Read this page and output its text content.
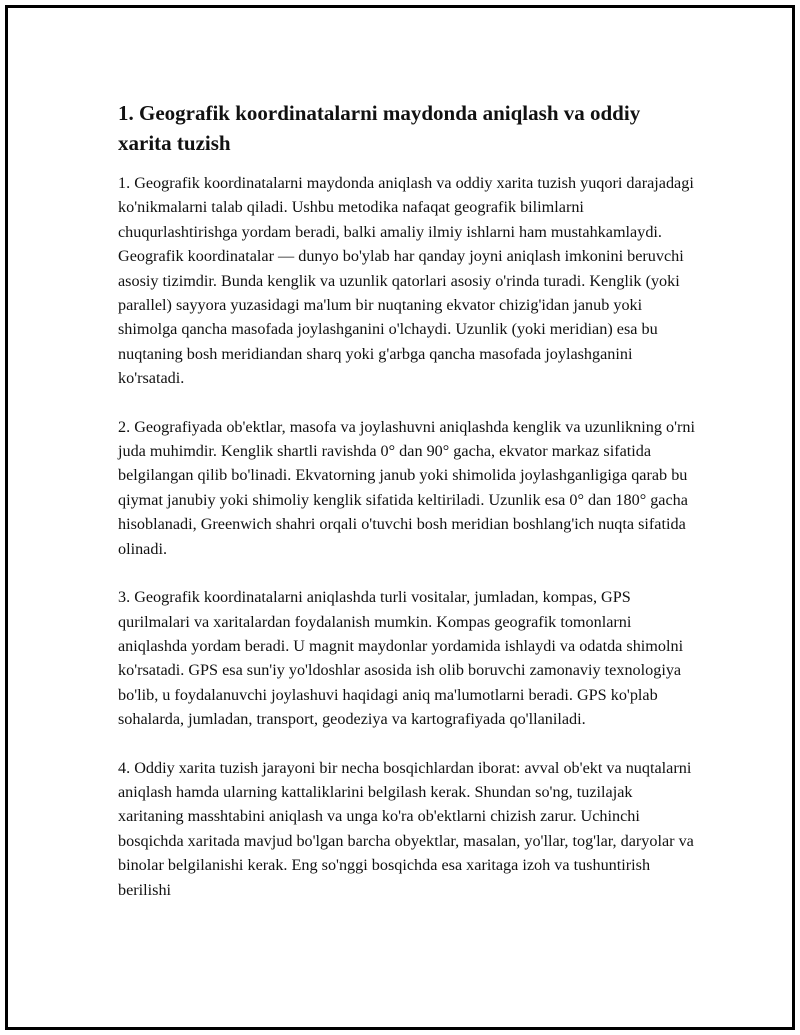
1. Geografik koordinatalarni maydonda aniqlash va oddiy xarita tuzish

1. Geografik koordinatalarni maydonda aniqlash va oddiy xarita tuzish yuqori darajadagi ko'nikmalarni talab qiladi. Ushbu metodika nafaqat geografik bilimlarni chuqurlashtirishga yordam beradi, balki amaliy ilmiy ishlarni ham mustahkamlaydi. Geografik koordinatalar — dunyo bo'ylab har qanday joyni aniqlash imkonini beruvchi asosiy tizimdir. Bunda kenglik va uzunlik qatorlari asosiy o'rinda turadi. Kenglik (yoki parallel) sayyora yuzasidagi ma'lum bir nuqtaning ekvator chizig'idan janub yoki shimolga qancha masofada joylashganini o'lchaydi. Uzunlik (yoki meridian) esa bu nuqtaning bosh meridiandan sharq yoki g'arbga qancha masofada joylashganini ko'rsatadi.

2. Geografiyada ob'ektlar, masofa va joylashuvni aniqlashda kenglik va uzunlikning o'rni juda muhimdir. Kenglik shartli ravishda 0° dan 90° gacha, ekvator markaz sifatida belgilangan qilib bo'linadi. Ekvatorning janub yoki shimolida joylashganligiga qarab bu qiymat janubiy yoki shimoliy kenglik sifatida keltiriladi. Uzunlik esa 0° dan 180° gacha hisoblanadi, Greenwich shahri orqali o'tuvchi bosh meridian boshlang'ich nuqta sifatida olinadi.

3. Geografik koordinatalarni aniqlashda turli vositalar, jumladan, kompas, GPS qurilmalari va xaritalardan foydalanish mumkin. Kompas geografik tomonlarni aniqlashda yordam beradi. U magnit maydonlar yordamida ishlaydi va odatda shimolni ko'rsatadi. GPS esa sun'iy yo'ldoshlar asosida ish olib boruvchi zamonaviy texnologiya bo'lib, u foydalanuvchi joylashuvi haqidagi aniq ma'lumotlarni beradi. GPS ko'plab sohalarda, jumladan, transport, geodeziya va kartografiyada qo'llaniladi.

4. Oddiy xarita tuzish jarayoni bir necha bosqichlardan iborat: avval ob'ekt va nuqtalarni aniqlash hamda ularning kattaliklarini belgilash kerak. Shundan so'ng, tuzilajak xaritaning masshtabini aniqlash va unga ko'ra ob'ektlarni chizish zarur. Uchinchi bosqichda xaritada mavjud bo'lgan barcha obyektlar, masalan, yo'llar, tog'lar, daryolar va binolar belgilanishi kerak. Eng so'nggi bosqichda esa xaritaga izoh va tushuntirish berilishi
